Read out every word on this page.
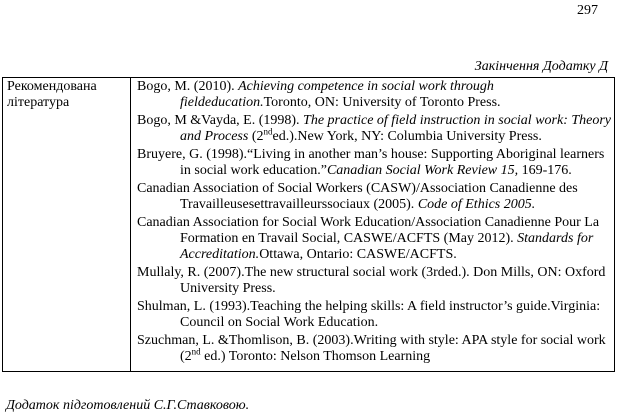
297
Закінчення Додатку Д
Рекомендована література	
Bogo, M. (2010). Achieving competence in social work through fieldeducation.Toronto, ON: University of Toronto Press.
Bogo, M &Vayda, E. (1998). The practice of field instruction in social work: Theory and Process (2nded.).New York, NY: Columbia University Press.
Bruyere, G. (1998).“Living in another man’s house: Supporting Aboriginal learners in social work education.”Canadian Social Work Review 15, 169-176.
Canadian Association of Social Workers (CASW)/Association Canadienne des Travailleusesettravailleurssociaux (2005). Code of Ethics 2005.
Canadian Association for Social Work Education/Association Canadienne Pour La Formation en Travail Social, CASWE/ACFTS (May 2012). Standards for Accreditation.Ottawa, Ontario: CASWE/ACFTS.
Mullaly, R. (2007).The new structural social work (3rded.). Don Mills, ON: Oxford University Press.
Shulman, L. (1993).Teaching the helping skills: A field instructor’s guide.Virginia: Council on Social Work Education.
Szuchman, L. &Thomlison, B. (2003).Writing with style: APA style for social work (2nd ed.) Toronto: Nelson Thomson Learning
Додаток підготовлений С.Г.Ставковою.
